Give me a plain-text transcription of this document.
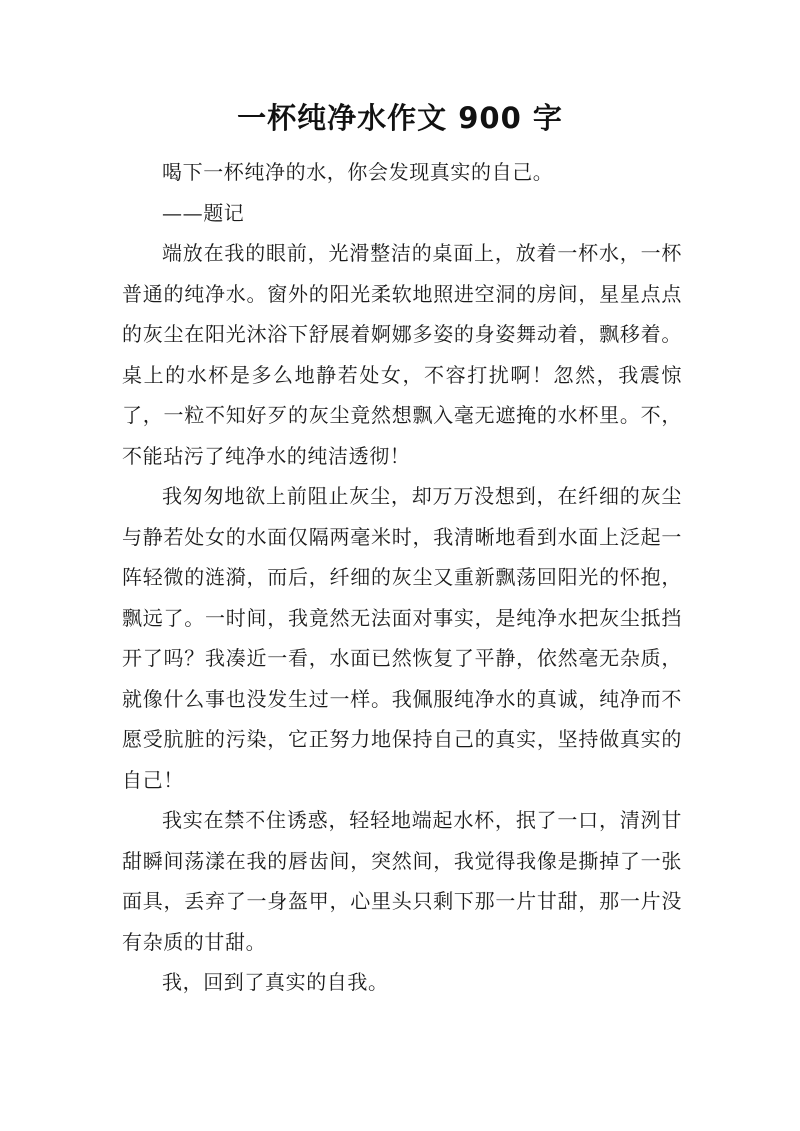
一杯纯净水作文 900 字

喝下一杯纯净的水，你会发现真实的自己。

——题记

端放在我的眼前，光滑整洁的桌面上，放着一杯水，一杯普通的纯净水。窗外的阳光柔软地照进空洞的房间，星星点点的灰尘在阳光沐浴下舒展着婀娜多姿的身姿舞动着，飘移着。桌上的水杯是多么地静若处女，不容打扰啊！忽然，我震惊了，一粒不知好歹的灰尘竟然想飘入毫无遮掩的水杯里。不，不能玷污了纯净水的纯洁透彻！

我匆匆地欲上前阻止灰尘，却万万没想到，在纤细的灰尘与静若处女的水面仅隔两毫米时，我清晰地看到水面上泛起一阵轻微的涟漪，而后，纤细的灰尘又重新飘荡回阳光的怀抱，飘远了。一时间，我竟然无法面对事实，是纯净水把灰尘抵挡开了吗？我凑近一看，水面已然恢复了平静，依然毫无杂质，就像什么事也没发生过一样。我佩服纯净水的真诚，纯净而不愿受肮脏的污染，它正努力地保持自己的真实，坚持做真实的自己！

我实在禁不住诱惑，轻轻地端起水杯，抿了一口，清洌甘甜瞬间荡漾在我的唇齿间，突然间，我觉得我像是撕掉了一张面具，丢弃了一身盔甲，心里头只剩下那一片甘甜，那一片没有杂质的甘甜。

我，回到了真实的自我。
